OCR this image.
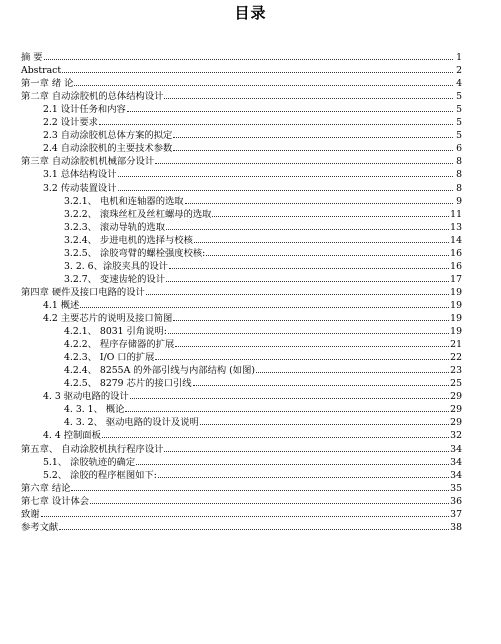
目录
摘 要	1
Abstract	2
第一章 绪 论	4
第二章 自动涂胶机的总体结构设计	5
2.1 设计任务和内容	5
2.2 设计要求	5
2.3 自动涂胶机总体方案的拟定	5
2.4 自动涂胶机的主要技术参数	6
第三章 自动涂胶机机械部分设计	8
3.1 总体结构设计	8
3.2 传动装置设计	8
3.2.1、 电机和连轴器的选取	9
3.2.2、 滚珠丝杠及丝杠螺母的选取	11
3.2.3、 滚动导轨的选取	13
3.2.4、 步进电机的选择与校核	14
3.2.5、 涂胶弯臂的螺栓强度校核:	16
3. 2. 6、涂胶夹具的设计	16
3.2.7、 变速齿轮的设计	17
第四章 硬件及接口电路的设计	19
4.1 概述	19
4.2 主要芯片的说明及接口简图	19
4.2.1、 8031 引角说明:	19
4.2.2、 程序存储器的扩展	21
4.2.3、 I/O 口的扩展	22
4.2.4、 8255A 的外部引线与内部结构 (如图)	23
4.2.5、 8279 芯片的接口引线	25
4. 3 驱动电路的设计	29
4. 3. 1、 概论	29
4. 3. 2、 驱动电路的设计及说明	29
4. 4 控制面板	32
第五章、 自动涂胶机执行程序设计	34
5.1、 涂胶轨迹的确定	34
5.2、 涂胶的程序框图如下:	34
第六章 结论	35
第七章 设计体会	36
致谢	37
参考文献	38
